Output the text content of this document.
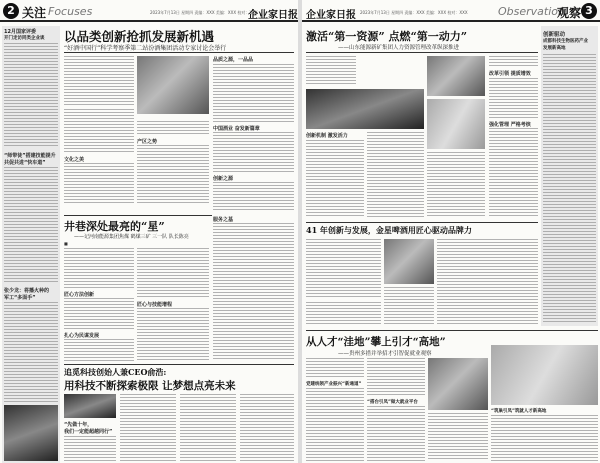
2 关注 Focuses	2023年7月13日 星期四 责编：XXX 美编：XXX 校对：XXX
企业家日报
12月国家评委
开门走访同类企业谈
“师带徒”搭建技能提升
共促共进“快车道”
张少龙：将播火种的
军工“多面手”
以品类创新抢抓发展新机遇
“好酒中国行”科学考察季第二站汾酒集团活动专家讨论会举行
品质之源，一品品
文化之美
产区之势
中国酒业 奋发新篇章
创新之源
井巷深处最亮的“星”
——记河南能源集团焦煤 鹤煤三矿 三一队 队长陈亮
■
匠心方法创新
扎心为民谋发展
匠心与技能增程
服务之基
追觅科技创始人兼CEO俞浩:
用科技不断探索极限 让梦想点亮未来
“先做十年，
我们一定能超越同行”
企业家日报 2023年7月13日 星期四 责编：XXX 美编：XXX 校对：XXX	Observation
观察 3
激活“第一资源” 点燃“第一动力”
——山东能源新矿集团人力资源管理改革纵深推进
改革引领 提质增效
强化管理 严格考核
创新机制 激发活力
创新驱动
成都科技生物医药产业
发展新高地
41 年创新与发展，金星啤酒用匠心驱动品牌力
从人才“洼地”攀上引才“高地”
——贵州多措并举招才引智促就业观察
党建统领产业振兴“新通道”
“搭台引凤”做大就业平台
“筑巢引凤”筑就人才新高地
